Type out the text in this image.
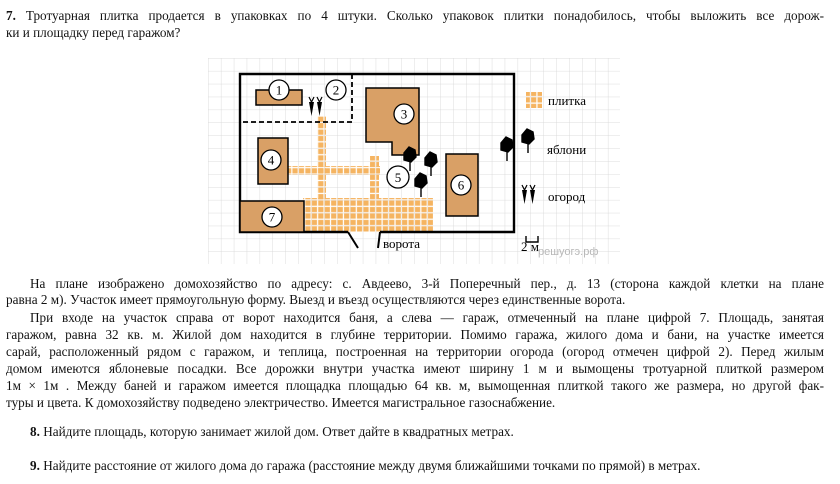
7. Тротуарная плитка продается в упаковках по 4 штуки. Сколько упаковок плитки понадобилось, чтобы выложить все дорож-
ки и площадку перед гаражом?
ворота
1	2
3
4
5	6
7
плитка
яблони
огород
2 м решуогэ.рф
На плане изображено домохозяйство по адресу: с. Авдеево, 3-й Поперечный пер., д. 13 (сторона каждой клетки на плане
равна 2 м). Участок имеет прямоугольную форму. Выезд и въезд осуществляются через единственные ворота.
При входе на участок справа от ворот находится баня, а слева — гараж, отмеченный на плане цифрой 7. Площадь, занятая
гаражом, равна 32 кв. м. Жилой дом находится в глубине территории. Помимо гаража, жилого дома и бани, на участке имеется
сарай, расположенный рядом с гаражом, и теплица, построенная на территории огорода (огород отмечен цифрой 2). Перед жилым
домом имеются яблоневые посадки. Все дорожки внутри участка имеют ширину 1 м и вымощены тротуарной плиткой размером
1м × 1м . Между баней и гаражом имеется площадка площадью 64 кв. м, вымощенная плиткой такого же размера, но другой фак-
туры и цвета. К домохозяйству подведено электричество. Имеется магистральное газоснабжение.
8. Найдите площадь, которую занимает жилой дом. Ответ дайте в квадратных метрах.
9. Найдите расстояние от жилого дома до гаража (расстояние между двумя ближайшими точками по прямой) в метрах.
